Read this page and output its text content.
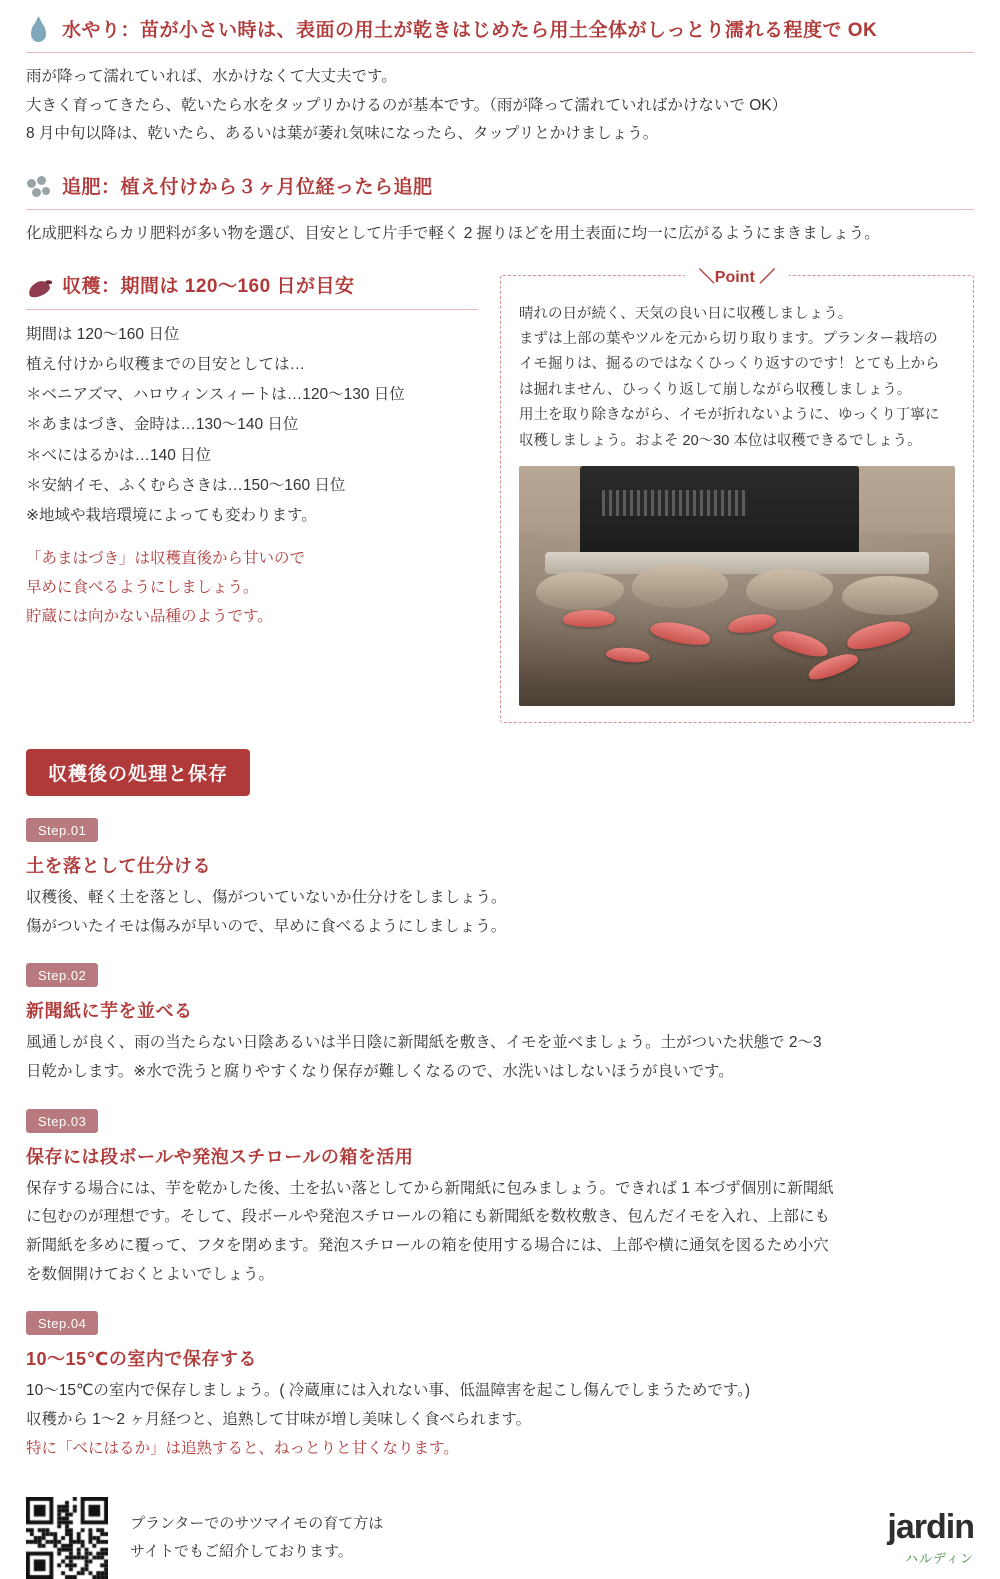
水やり：苗が小さい時は、表面の用土が乾きはじめたら用土全体がしっとり濡れる程度で OK
雨が降って濡れていれば、水かけなくて大丈夫です。
大きく育ってきたら、乾いたら水をタップリかけるのが基本です。（雨が降って濡れていればかけないで OK）
8 月中旬以降は、乾いたら、あるいは葉が萎れ気味になったら、タップリとかけましょう。
追肥：植え付けから３ヶ月位経ったら追肥
化成肥料ならカリ肥料が多い物を選び、目安として片手で軽く 2 握りほどを用土表面に均一に広がるようにまきましょう。
収穫：期間は 120〜160 日が目安
期間は 120〜160 日位
植え付けから収穫までの目安としては…
＊ベニアズマ、ハロウィンスィートは…120〜130 日位
＊あまはづき、金時は…130〜140 日位
＊べにはるかは…140 日位
＊安納イモ、ふくむらさきは…150〜160 日位
※地域や栽培環境によっても変わります。
「あまはづき」は収穫直後から甘いので
早めに食べるようにしましょう。
貯蔵には向かない品種のようです。
＼Point ／
晴れの日が続く、天気の良い日に収穫しましょう。
まずは上部の葉やツルを元から切り取ります。プランター栽培の
イモ掘りは、掘るのではなくひっくり返すのです！とても上から
は掘れません、ひっくり返して崩しながら収穫しましょう。
用土を取り除きながら、イモが折れないように、ゆっくり丁寧に
収穫しましょう。およそ 20〜30 本位は収穫できるでしょう。
収穫後の処理と保存
Step.01
土を落として仕分ける
収穫後、軽く土を落とし、傷がついていないか仕分けをしましょう。
傷がついたイモは傷みが早いので、早めに食べるようにしましょう。
Step.02
新聞紙に芋を並べる
風通しが良く、雨の当たらない日陰あるいは半日陰に新聞紙を敷き、イモを並べましょう。土がついた状態で 2〜3
日乾かします。※水で洗うと腐りやすくなり保存が難しくなるので、水洗いはしないほうが良いです。
Step.03
保存には段ボールや発泡スチロールの箱を活用
保存する場合には、芋を乾かした後、土を払い落としてから新聞紙に包みましょう。できれば 1 本づず個別に新聞紙
に包むのが理想です。そして、段ボールや発泡スチロールの箱にも新聞紙を数枚敷き、包んだイモを入れ、上部にも
新聞紙を多めに覆って、フタを閉めます。発泡スチロールの箱を使用する場合には、上部や横に通気を図るため小穴
を数個開けておくとよいでしょう。
Step.04
10〜15℃の室内で保存する
10〜15℃の室内で保存しましょう。( 冷蔵庫には入れない事、低温障害を起こし傷んでしまうためです。)
収穫から 1〜2 ヶ月経つと、追熟して甘味が増し美味しく食べられます。
特に「べにはるか」は追熟すると、ねっとりと甘くなります。
プランターでのサツマイモの育て方は
サイトでもご紹介しております。
jardin
ハルディン
